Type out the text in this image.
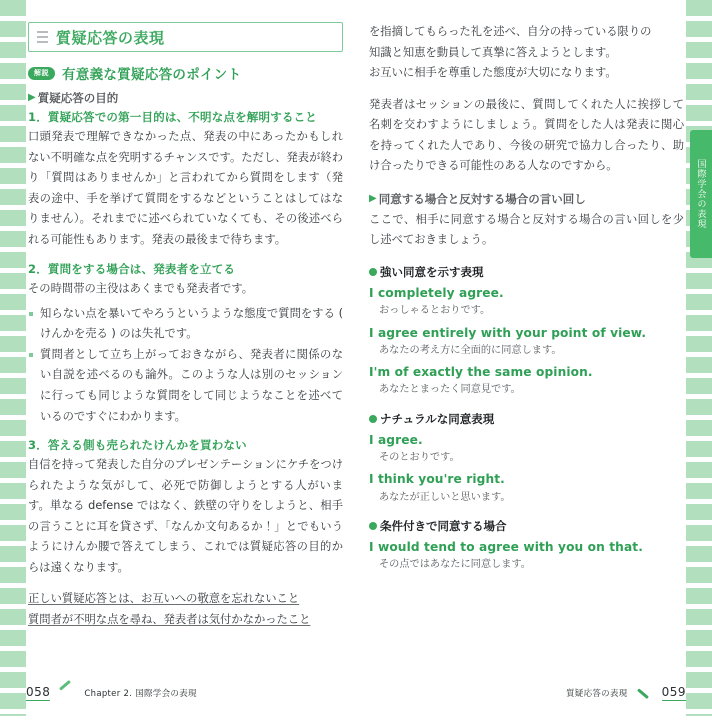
国際学会の表現
質疑応答の表現
解説 有意義な質疑応答のポイント
▶ 質疑応答の目的
1．質疑応答での第一目的は、不明な点を解明すること

口頭発表で理解できなかった点、発表の中にあったかもしれない不明確な点を究明するチャンスです。ただし、発表が終わり「質問はありませんか」と言われてから質問をします（発表の途中、手を挙げて質問をするなどということはしてはなりません）。それまでに述べられていなくても、その後述べられる可能性もあります。発表の最後まで待ちます。

2．質問をする場合は、発表者を立てる

その時間帯の主役はあくまでも発表者です。

知らない点を暴いてやろうというような態度で質問をする ( けんかを売る ) のは失礼です。
質問者として立ち上がっておきながら、発表者に関係のない自説を述べるのも論外。このような人は別のセッションに行っても同じような質問をして同じようなことを述べているのですぐにわかります。
3．答える側も売られたけんかを買わない

自信を持って発表した自分のプレゼンテーションにケチをつけられたような気がして、必死で防御しようとする人がいます。単なる defense ではなく、鉄壁の守りをしようと、相手の言うことに耳を貸さず、「なんか文句あるか！」とでもいうようにけんか腰で答えてしまう、これでは質疑応答の目的からは遠くなります。

正しい質疑応答とは、お互いへの敬意を忘れないこと
質問者が不明な点を尋ね、発表者は気付かなかったこと

を指摘してもらった礼を述べ、自分の持っている限りの

知識と知恵を動員して真摯に答えようとします。

お互いに相手を尊重した態度が大切になります。

発表者はセッションの最後に、質問してくれた人に挨拶して名刺を交わすようにしましょう。質問をした人は発表に関心を持ってくれた人であり、今後の研究で協力し合ったり、助け合ったりできる可能性のある人なのですから。

▶ 同意する場合と反対する場合の言い回し

ここで、相手に同意する場合と反対する場合の言い回しを少し述べておきましょう。

強い同意を示す表現
I completely agree.
おっしゃるとおりです。
I agree entirely with your point of view.
あなたの考え方に全面的に同意します。
I'm of exactly the same opinion.
あなたとまったく同意見です。
ナチュラルな同意表現
I agree.
そのとおりです。
I think you're right.
あなたが正しいと思います。
条件付きで同意する場合
I would tend to agree with you on that.
その点ではあなたに同意します。
058	Chapter 2. 国際学会の表現	質疑応答の表現	059
